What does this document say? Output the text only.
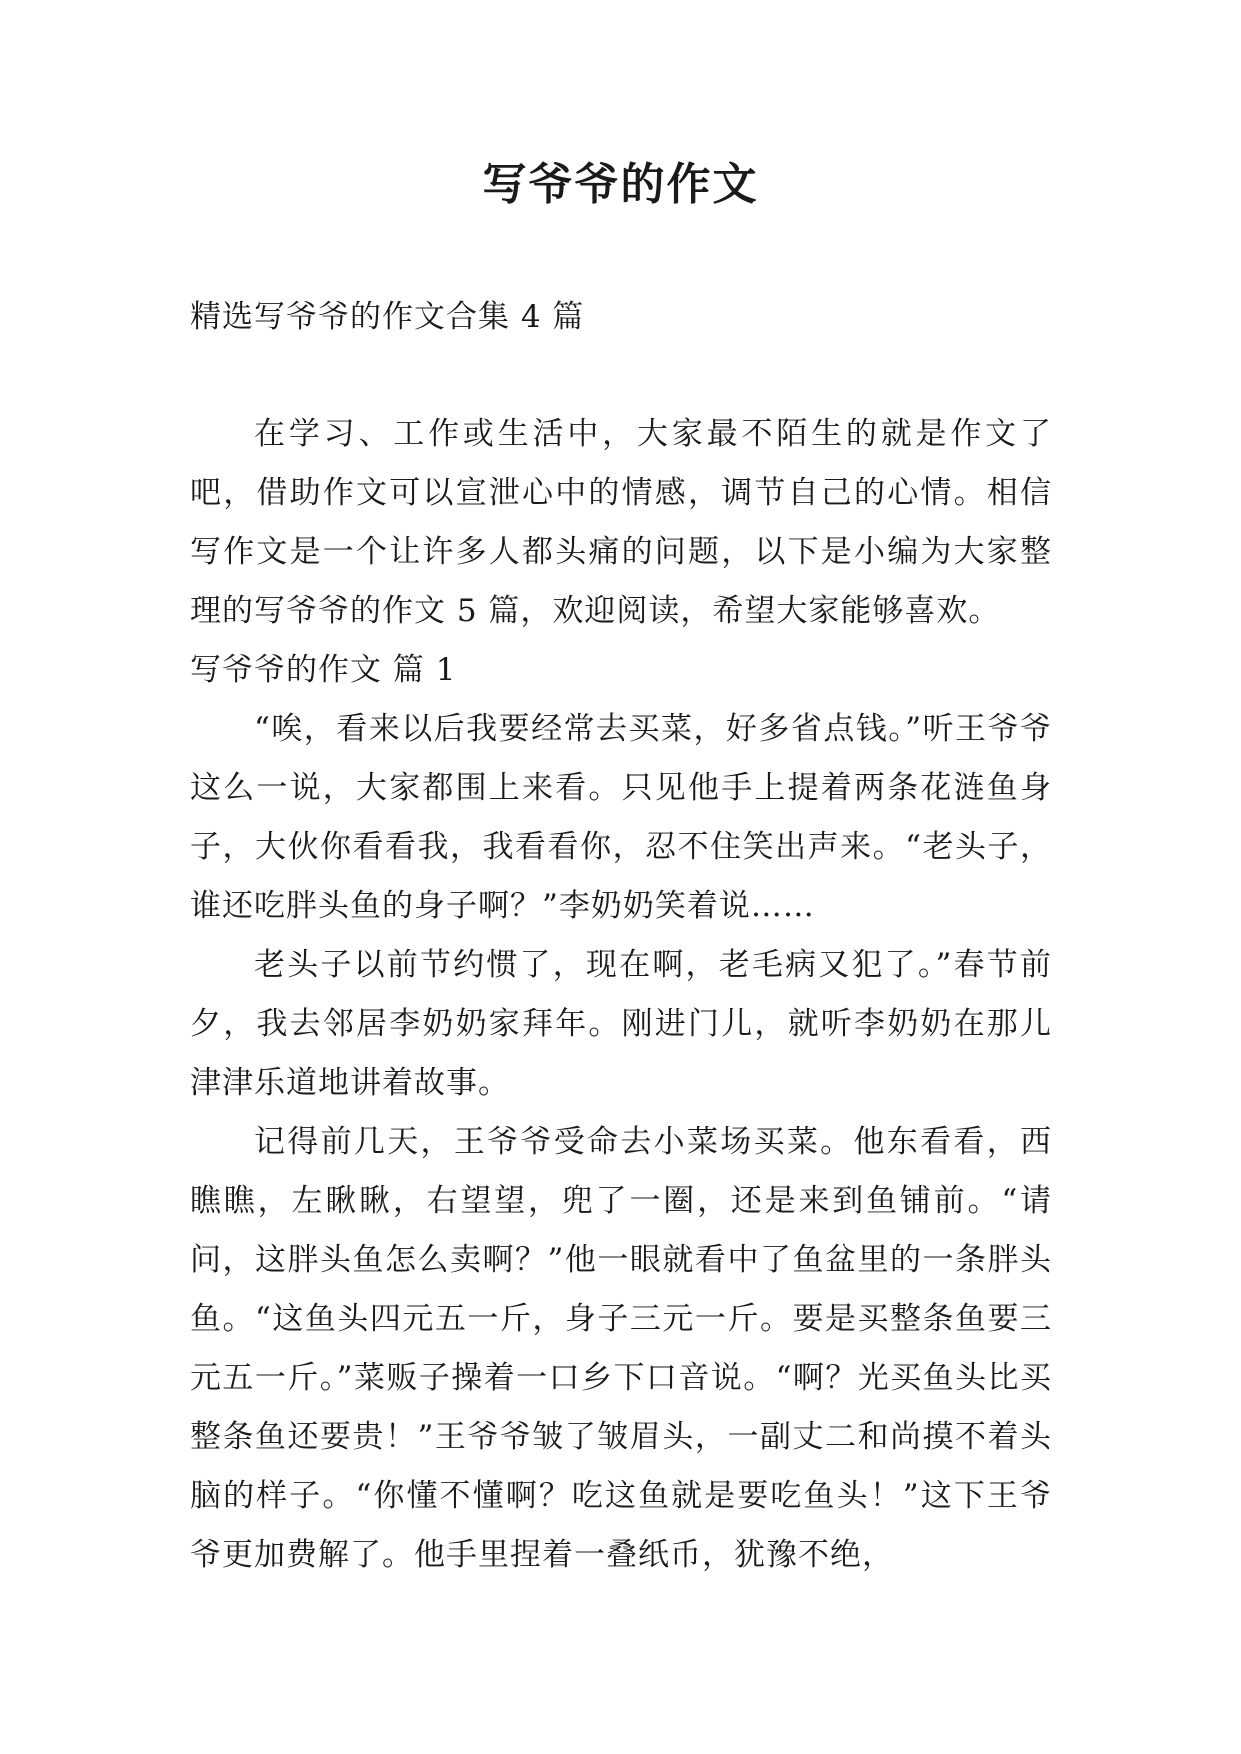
写爷爷的作文
精选写爷爷的作文合集 4 篇

在学习、工作或生活中，大家最不陌生的就是作文了吧，借助作文可以宣泄心中的情感，调节自己的心情。相信写作文是一个让许多人都头痛的问题，以下是小编为大家整理的写爷爷的作文 5 篇，欢迎阅读，希望大家能够喜欢。

写爷爷的作文 篇 1

“唉，看来以后我要经常去买菜，好多省点钱。”听王爷爷这么一说，大家都围上来看。只见他手上提着两条花涟鱼身子，大伙你看看我，我看看你，忍不住笑出声来。“老头子，谁还吃胖头鱼的身子啊？”李奶奶笑着说……

老头子以前节约惯了，现在啊，老毛病又犯了。”春节前夕，我去邻居李奶奶家拜年。刚进门儿，就听李奶奶在那儿津津乐道地讲着故事。

记得前几天，王爷爷受命去小菜场买菜。他东看看，西瞧瞧，左瞅瞅，右望望，兜了一圈，还是来到鱼铺前。“请问，这胖头鱼怎么卖啊？”他一眼就看中了鱼盆里的一条胖头鱼。“这鱼头四元五一斤，身子三元一斤。要是买整条鱼要三元五一斤。”菜贩子操着一口乡下口音说。“啊？光买鱼头比买整条鱼还要贵！”王爷爷皱了皱眉头，一副丈二和尚摸不着头脑的样子。“你懂不懂啊？吃这鱼就是要吃鱼头！”这下王爷爷更加费解了。他手里捏着一叠纸币，犹豫不绝，
